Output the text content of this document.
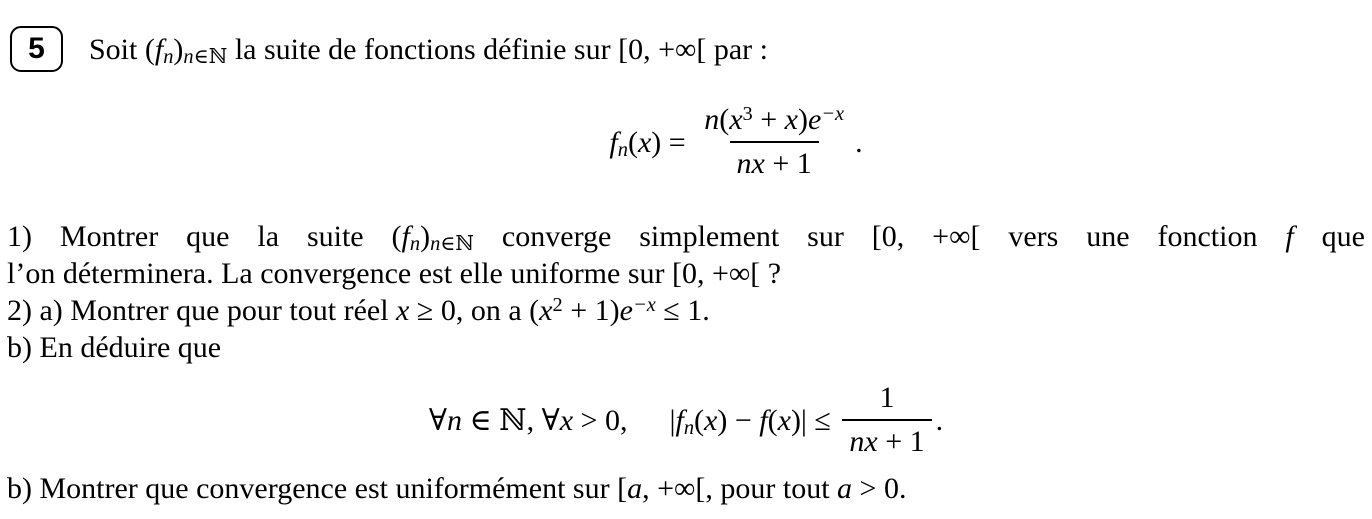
5 Soit (fn)n∈ℕ la suite de fonctions définie sur [0, +∞[ par :
$fn(x) = \frac{n(x^3 + x)e^{-x}}{nx + 1}$ .
1) Montrer que la suite (fn)n∈ℕ converge simplement sur [0, +∞[ vers une fonction f que
l’on déterminera. La convergence est elle uniforme sur [0, +∞[ ?
2) a) Montrer que pour tout réel x ≥ 0, on a $(x^2 + 1)e^{-x} \le 1$.
b) En déduire que
∀n ∈ ℕ, ∀x > 0, $|fn(x) - f(x)| \le \frac{1}{nx + 1}$ .
b) Montrer que convergence est uniformément sur [a, +∞[, pour tout a > 0.
